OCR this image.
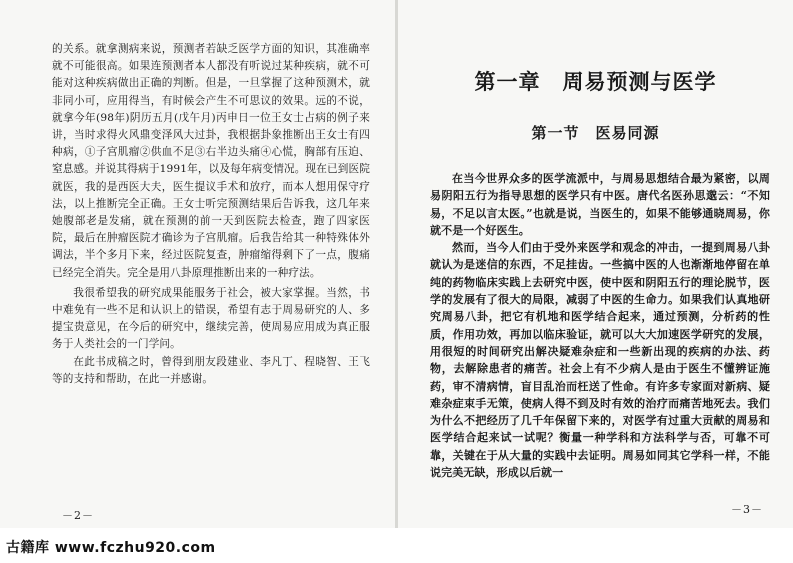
的关系。就拿测病来说，预测者若缺乏医学方面的知识，其准确率就不可能很高。如果连预测者本人都没有听说过某种疾病，就不可能对这种疾病做出正确的判断。但是，一旦掌握了这种预测术，就非同小可，应用得当，有时候会产生不可思议的效果。远的不说，就拿今年(98年)阴历五月(戊午月)丙申日一位王女士占病的例子来讲，当时求得火风鼎变泽风大过卦，我根据卦象推断出王女士有四种病，①子宫肌瘤②供血不足③右半边头痛④心慌，胸部有压迫、窒息感。并说其得病于1991年，以及每年病变情况。现在已到医院就医，我的是西医大夫，医生提议手术和放疗，而本人想用保守疗法，以上推断完全正确。王女士听完预测结果后告诉我，这几年来她腹部老是发痛，就在预测的前一天到医院去检查，跑了四家医院，最后在肿瘤医院才确诊为子宫肌瘤。后我告给其一种特殊体外调法，半个多月下来，经过医院复查，肿瘤缩得剩下了一点，腹痛已经完全消失。完全是用八卦原理推断出来的一种疗法。

我很希望我的研究成果能服务于社会，被大家掌握。当然，书中难免有一些不足和认识上的错误，希望有志于周易研究的人、多提宝贵意见，在今后的研究中，继续完善，使周易应用成为真正服务于人类社会的一门学问。

在此书成稿之时，曾得到朋友段建业、李凡丁、程晓智、王飞等的支持和帮助，在此一并感谢。

－2－
第一章　周易预测与医学
第一节　医易同源

在当今世界众多的医学流派中，与周易思想结合最为紧密，以周易阴阳五行为指导思想的医学只有中医。唐代名医孙思邈云：“不知易，不足以言太医。”也就是说，当医生的，如果不能够通晓周易，你就不是一个好医生。

然而，当今人们由于受外来医学和观念的冲击，一提到周易八卦就认为是迷信的东西，不足挂齿。一些搞中医的人也渐渐地停留在单纯的药物临床实践上去研究中医，使中医和阴阳五行的理论脱节，医学的发展有了很大的局限，减弱了中医的生命力。如果我们认真地研究周易八卦，把它有机地和医学结合起来，通过预测，分析药的性质，作用功效，再加以临床验证，就可以大大加速医学研究的发展，用很短的时间研究出解决疑难杂症和一些新出现的疾病的办法、药物，去解除患者的痛苦。社会上有不少病人是由于医生不懂辨证施药，审不清病情，盲目乱治而枉送了性命。有许多专家面对新病、疑难杂症束手无策，使病人得不到及时有效的治疗而痛苦地死去。我们为什么不把经历了几千年保留下来的，对医学有过重大贡献的周易和医学结合起来试一试呢？衡量一种学科和方法科学与否，可靠不可靠，关键在于从大量的实践中去证明。周易如同其它学科一样，不能说完美无缺，形成以后就一

－3－
古籍库 www.fczhu920.com
